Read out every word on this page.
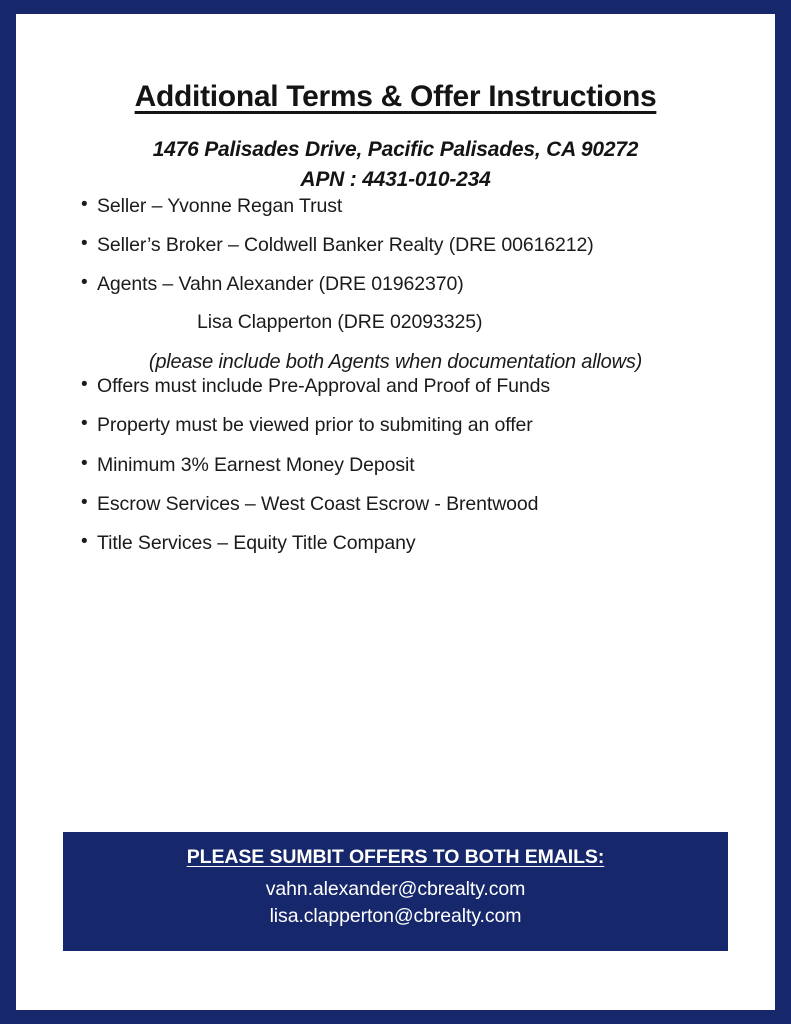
Additional Terms & Offer Instructions
1476 Palisades Drive, Pacific Palisades, CA 90272
APN : 4431-010-234
• Seller – Yvonne Regan Trust
• Seller’s Broker – Coldwell Banker Realty (DRE 00616212)
• Agents – Vahn Alexander (DRE 01962370)
Lisa Clapperton (DRE 02093325)
(please include both Agents when documentation allows)
• Offers must include Pre-Approval and Proof of Funds
• Property must be viewed prior to submiting an offer
• Minimum 3% Earnest Money Deposit
• Escrow Services – West Coast Escrow - Brentwood
• Title Services – Equity Title Company
PLEASE SUMBIT OFFERS TO BOTH EMAILS:
vahn.alexander@cbrealty.com
lisa.clapperton@cbrealty.com
